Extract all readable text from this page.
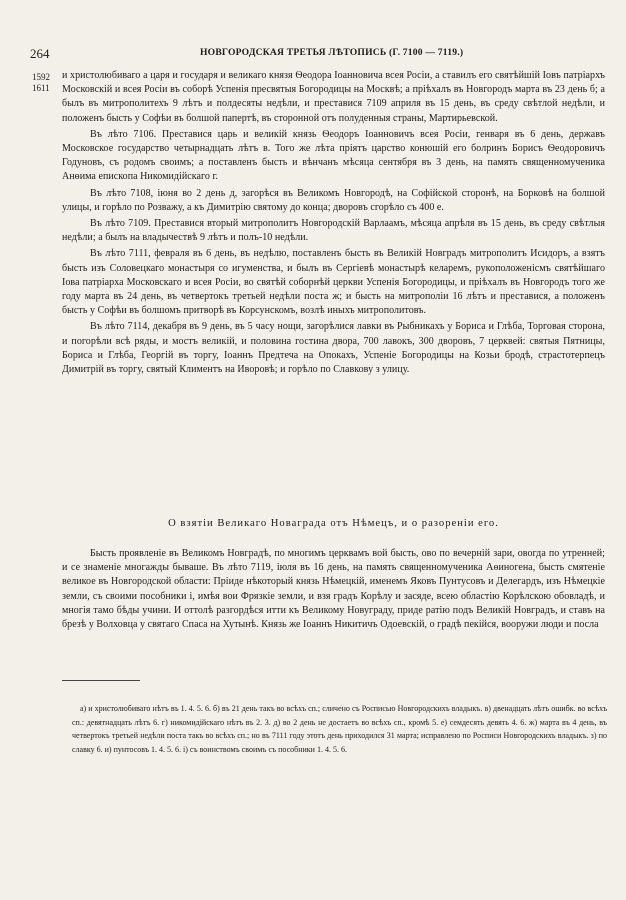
264	НОВГОРОДСКАЯ ТРЕТЬЯ ЛѢТОПИСЬ (Г. 7100 — 7119.)
1592
1611

и христолюбиваго а царя и государя и великаго князя Ѳеодора Іоанновича всея Росіи, а ставилъ его святѣйшій Іовъ патріархъ Московскій и всея Росіи въ соборѣ Успенія пресвятыя Богородицы на Москвѣ; а пріѣхалъ въ Новгородъ марта въ 23 день б; а былъ въ митрополитехъ 9 лѣтъ и полдесяты недѣли, и преставися 7109 априля въ 15 день, въ среду свѣтлой недѣли, и положенъ бысть у Софѣи въ болшой папертѣ, въ сторонной отъ полуденныя страны, Мартирьевской.

Въ лѣто 7106. Преставися царь и великій князь Ѳеодоръ Іоанновичъ всея Росіи, генваря въ 6 день, державъ Московское государство четырнадцать лѣтъ в. Того же лѣта пріятъ царство конюшій его болринъ Борисъ Ѳеодоровичъ Годуновъ, съ родомъ своимъ; а поставленъ бысть и вѣнчанъ мѣсяца сентября въ 3 день, на память священномученика Анѳима епископа Никомидійскаго г.

Въ лѣто 7108, іюня во 2 день д, загорѣся въ Великомъ Новгородѣ, на Софійской сторонѣ, на Борковѣ на болшой улицы, и горѣло по Розважу, а къ Димитрію святому до конца; дворовъ сгорѣло съ 400 е.

Въ лѣто 7109. Преставися вторый митрополитъ Новгородскій Варлаамъ, мѣсяца апрѣля въ 15 день, въ среду свѣтлыя недѣли; а былъ на владычествѣ 9 лѣтъ и полъ-10 недѣли.

Въ лѣто 7111, февраля въ 6 день, въ недѣлю, поставленъ бысть въ Великій Новградъ митрополитъ Исидоръ, а взятъ бысть изъ Соловецкаго монастыря со игуменства, и былъ въ Сергіевѣ монастырѣ келаремъ, рукоположенісмъ святѣйшаго Іова патріарха Московскаго и всея Росіи, во святѣй соборнѣй церкви Успенія Богородицы, и пріѣхалъ въ Новгородъ того же году марта въ 24 день, въ четвертокъ третьей недѣли поста ж; и бысть на митрополіи 16 лѣтъ и преставися, а положенъ бысть у Софѣи въ болшомъ притворѣ въ Корсунскомъ, возлѣ иныхъ митрополитовъ.

Въ лѣто 7114, декабря въ 9 день, въ 5 часу нощи, загорѣлися лавки въ Рыбникахъ у Бориса и Глѣба, Торговая сторона, и погорѣли всѣ ряды, и мостъ великій, и половина гостина двора, 700 лавокъ, 300 дворовъ, 7 церквей: святыя Пятницы, Бориса и Глѣба, Георгій въ торгу, Іоаннъ Предтеча на Опокахъ, Успеніе Богородицы на Козьи бродѣ, страстотерпецъ Димитрій въ торгу, святый Климентъ на Иворовѣ; и горѣло по Славкову з улицу.

О взятіи Великаго Новаграда отъ Нѣмецъ, и о разореніи его.

Бысть проявленіе въ Великомъ Новградѣ, по многимъ церквамъ вой бысть, ово по вечерній зари, овогда по утренней; и се знаменіе многажды бываше. Въ лѣто 7119, іюля въ 16 день, на память священномученика Аѳиногена, бысть смятеніе великое въ Новгородской области: Прiиде нѣкоторый князь Нѣмецкій, именемъ Яковъ Пунтусовъ и Делегардъ, изъ Нѣмецкіе земли, съ своими пособники і, имѣя вои Фрязкіе земли, и взя градъ Корѣлу и засяде, всею областію Корѣлскою обовладѣ, и многія тамо бѣды учини. И оттолѣ разгордѣся итти къ Великому Новуграду, приде ратію подъ Великій Новградъ, и ставъ на брезѣ у Волховца у святаго Спаса на Хутынѣ. Князь же Іоаннъ Никитичъ Одоевскій, о градѣ пекійся, вооружи люди и посла

а) и христолюбиваго нѣтъ въ 1. 4. 5. 6. б) въ 21 день такъ во всѣхъ сп.; сличено съ Росписью Новгородскихъ владыкъ. в) двенадцать лѣтъ ошибк. во всѣхъ сп.: девятнадцать лѣтъ 6. г) никомидійскаго нѣтъ въ 2. 3. д) во 2 день не достаетъ во всѣхъ сп., кромѣ 5. е) семдесять девять 4. 6. ж) марта въ 4 день, въ четвертокъ третьей недѣли поста такъ во всѣхъ сп.; но въ 7111 году этотъ день приходился 31 марта; исправлено по Росписи Новгородскихъ владыкъ. з) по славку 6. и) пунтосовъ 1. 4. 5. 6. і) съ воинствомъ своимъ съ пособники 1. 4. 5. 6.
